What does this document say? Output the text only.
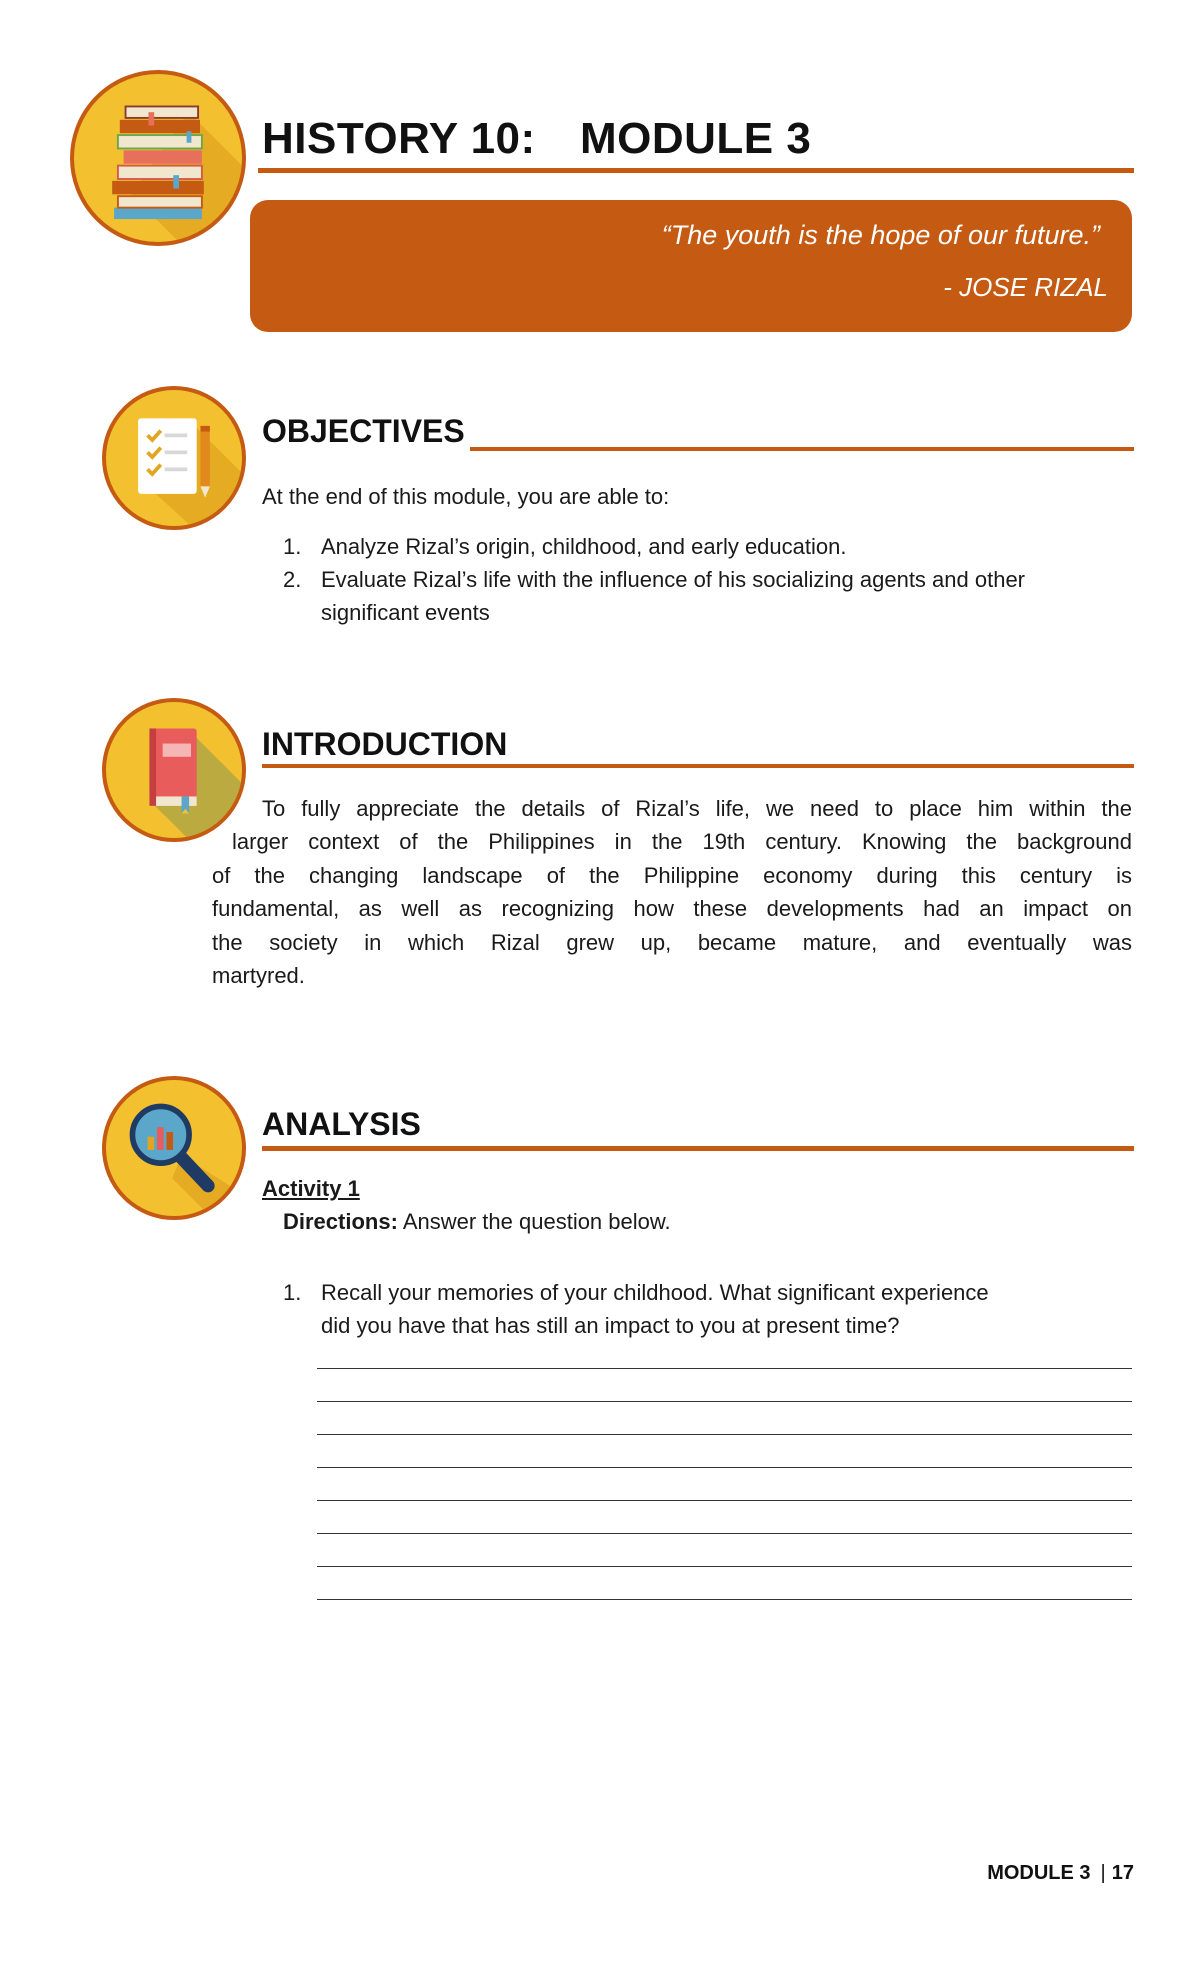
HISTORY 10: MODULE 3
“The youth is the hope of our future.”
- JOSE RIZAL
OBJECTIVES
At the end of this module, you are able to:
1. Analyze Rizal’s origin, childhood, and early education.
2. Evaluate Rizal’s life with the influence of his socializing agents and other
significant events
INTRODUCTION

To fully appreciate the details of Rizal’s life, we need to place him within the
larger context of the Philippines in the 19th century. Knowing the background
of the changing landscape of the Philippine economy during this century is
fundamental, as well as recognizing how these developments had an impact on
the society in which Rizal grew up, became mature, and eventually was
martyred.

ANALYSIS
Activity 1
Directions: Answer the question below.
1. Recall your memories of your childhood. What significant experience
did you have that has still an impact to you at present time?
MODULE 3 | 17
